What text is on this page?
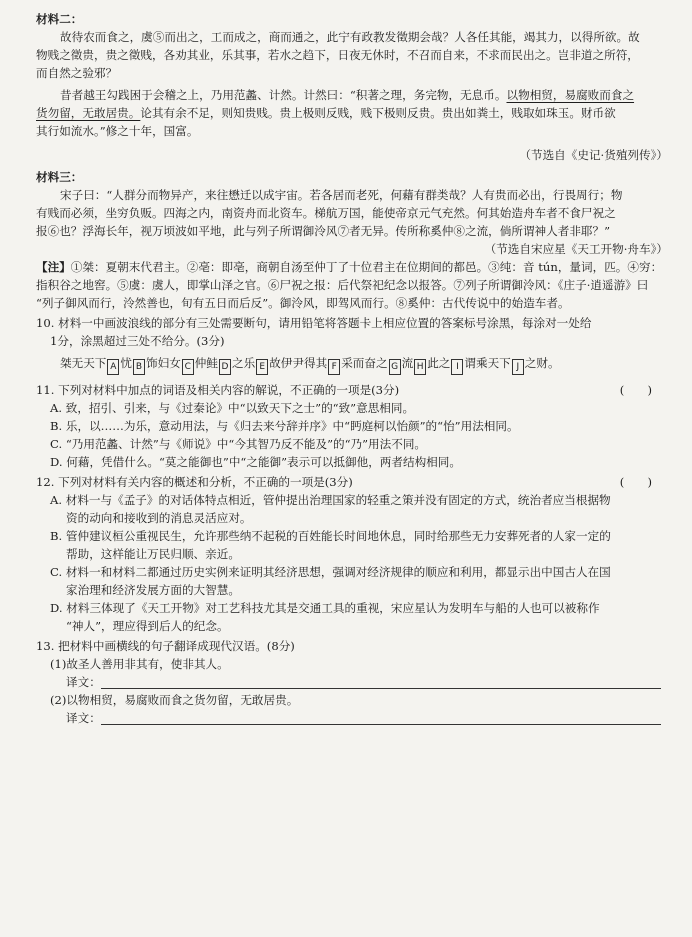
材料二：

故待农而食之，虞⑤而出之，工而成之，商而通之，此宁有政教发徵期会哉？人各任其能，竭其力，以得所欲。故

物贱之徵贵，贵之徵贱，各劝其业，乐其事，若水之趋下，日夜无休时，不召而自来，不求而民出之。岂非道之所符，

而自然之验邪？

昔者越王勾践困于会稽之上，乃用范蠡、计然。计然曰：“积著之理，务完物，无息币。以物相贸，易腐败而食之

货勿留，无敢居贵。论其有余不足，则知贵贱。贵上极则反贱，贱下极则反贵。贵出如粪土，贱取如珠玉。财币欲

其行如流水。”修之十年，国富。

（节选自《史记·货殖列传》）

材料三：

宋子曰：“人群分而物异产，来往懋迁以成宇宙。若各居而老死，何藉有群类哉？人有贵而必出，行畏周行；物

有贱而必须，坐穷负贩。四海之内，南资舟而北资车。梯航万国，能使帝京元气充然。何其始造舟车者不食尸祝之

报⑥也？浮海长年，视万顷波如平地，此与列子所谓御泠风⑦者无异。传所称奚仲⑧之流，倘所谓神人者非耶？”

（节选自宋应星《天工开物·舟车》）

【注】①桀：夏朝末代君主。②亳：即亳，商朝自汤至仲丁了十位君主在位期间的都邑。③纯：音 tún，量词，匹。④穷：

指积谷之地窖。⑤虞：虞人，即掌山泽之官。⑥尸祝之报：后代祭祀纪念以报答。⑦列子所谓御泠风：《庄子·逍遥游》曰

“列子御风而行，泠然善也，旬有五日而后反”。御泠风，即驾风而行。⑧奚仲：古代传说中的始造车者。

10. 材料一中画波浪线的部分有三处需要断句，请用铅笔将答题卡上相应位置的答案标号涂黑，每涂对一处给

1分，涂黑超过三处不给分。(3分)

桀无天下 A 忧 B 饰妇女 C 仲鲑 D 之乐 E 故伊尹得其 F 采而奋之 G 流 H 此之 I 谓乘天下 J 之财。

11. 下列对材料中加点的词语及相关内容的解说，不正确的一项是(3分)	(　　)

A. 致，招引、引来，与《过秦论》中“以致天下之士”的“致”意思相同。

B. 乐，以……为乐，意动用法，与《归去来兮辞并序》中“眄庭柯以怡颜”的“怡”用法相同。

C. “乃用范蠡、计然”与《师说》中“今其智乃反不能及”的“乃”用法不同。

D. 何藉，凭借什么。“莫之能御也”中“之能御”表示可以抵御他，两者结构相同。

12. 下列对材料有关内容的概述和分析，不正确的一项是(3分)	(　　)

A. 材料一与《孟子》的对话体特点相近，管仲提出治理国家的轻重之策并没有固定的方式，统治者应当根据物

资的动向和接收到的消息灵活应对。

B. 管仲建议桓公重视民生，允许那些纳不起税的百姓能长时间地休息，同时给那些无力安葬死者的人家一定的

帮助，这样能让万民归顺、亲近。

C. 材料一和材料二都通过历史实例来证明其经济思想，强调对经济规律的顺应和利用，都显示出中国古人在国

家治理和经济发展方面的大智慧。

D. 材料三体现了《天工开物》对工艺科技尤其是交通工具的重视，宋应星认为发明车与船的人也可以被称作

“神人”，理应得到后人的纪念。

13. 把材料中画横线的句子翻译成现代汉语。(8分)

(1)故圣人善用非其有，使非其人。

译文：

(2)以物相贸，易腐败而食之货勿留，无敢居贵。

译文：
